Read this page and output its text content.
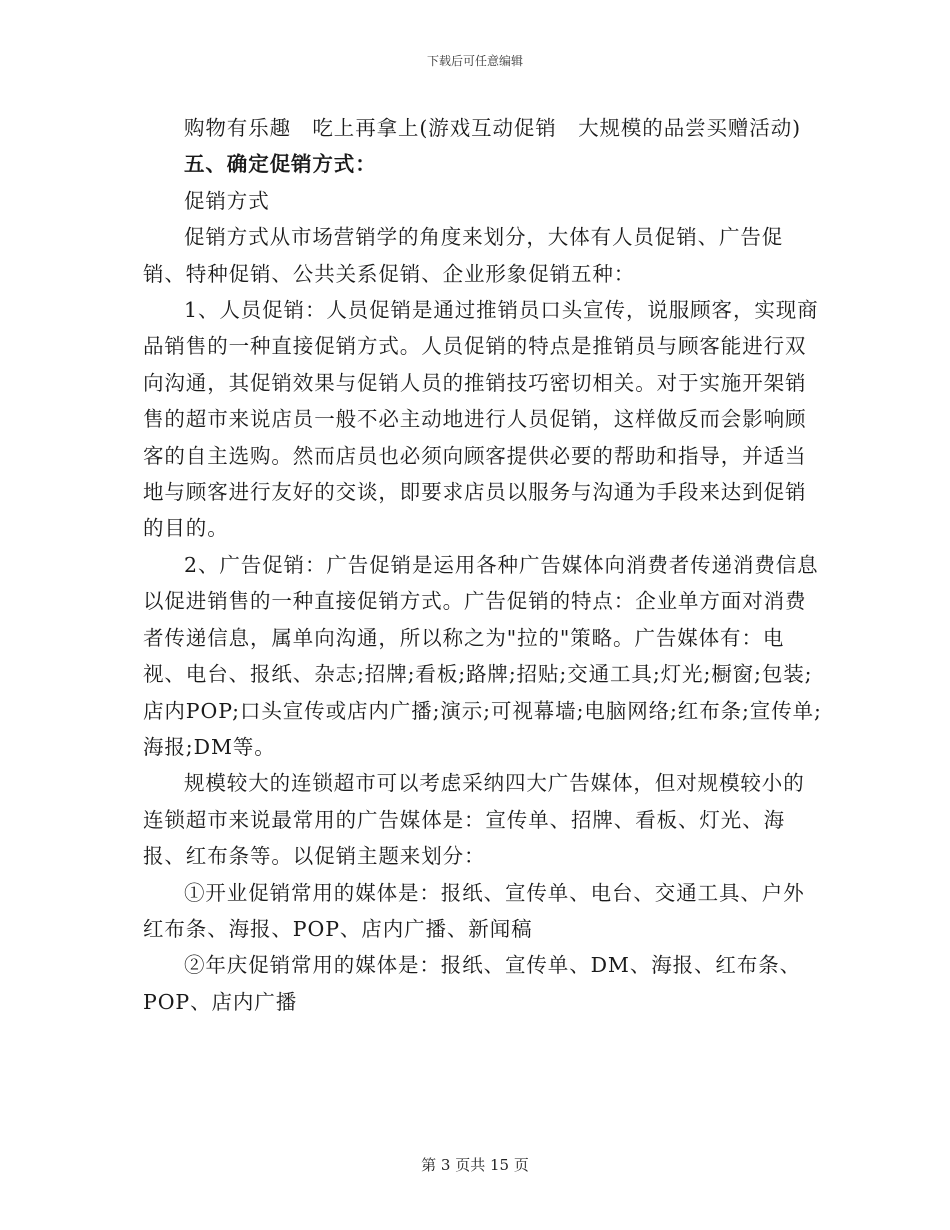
下载后可任意编辑

购物有乐趣　吃上再拿上(游戏互动促销　大规模的品尝买赠活动)

五、确定促销方式：

促销方式

促销方式从市场营销学的角度来划分，大体有人员促销、广告促销、特种促销、公共关系促销、企业形象促销五种：

1、人员促销：人员促销是通过推销员口头宣传，说服顾客，实现商品销售的一种直接促销方式。人员促销的特点是推销员与顾客能进行双向沟通，其促销效果与促销人员的推销技巧密切相关。对于实施开架销售的超市来说店员一般不必主动地进行人员促销，这样做反而会影响顾客的自主选购。然而店员也必须向顾客提供必要的帮助和指导，并适当地与顾客进行友好的交谈，即要求店员以服务与沟通为手段来达到促销的目的。

2、广告促销：广告促销是运用各种广告媒体向消费者传递消费信息以促进销售的一种直接促销方式。广告促销的特点：企业单方面对消费者传递信息，属单向沟通，所以称之为"拉的"策略。广告媒体有：电视、电台、报纸、杂志;招牌;看板;路牌;招贴;交通工具;灯光;橱窗;包装;店内POP;口头宣传或店内广播;演示;可视幕墙;电脑网络;红布条;宣传单;海报;DM等。

规模较大的连锁超市可以考虑采纳四大广告媒体，但对规模较小的连锁超市来说最常用的广告媒体是：宣传单、招牌、看板、灯光、海报、红布条等。以促销主题来划分：

①开业促销常用的媒体是：报纸、宣传单、电台、交通工具、户外红布条、海报、POP、店内广播、新闻稿

②年庆促销常用的媒体是：报纸、宣传单、DM、海报、红布条、POP、店内广播

第 3 页共 15 页
